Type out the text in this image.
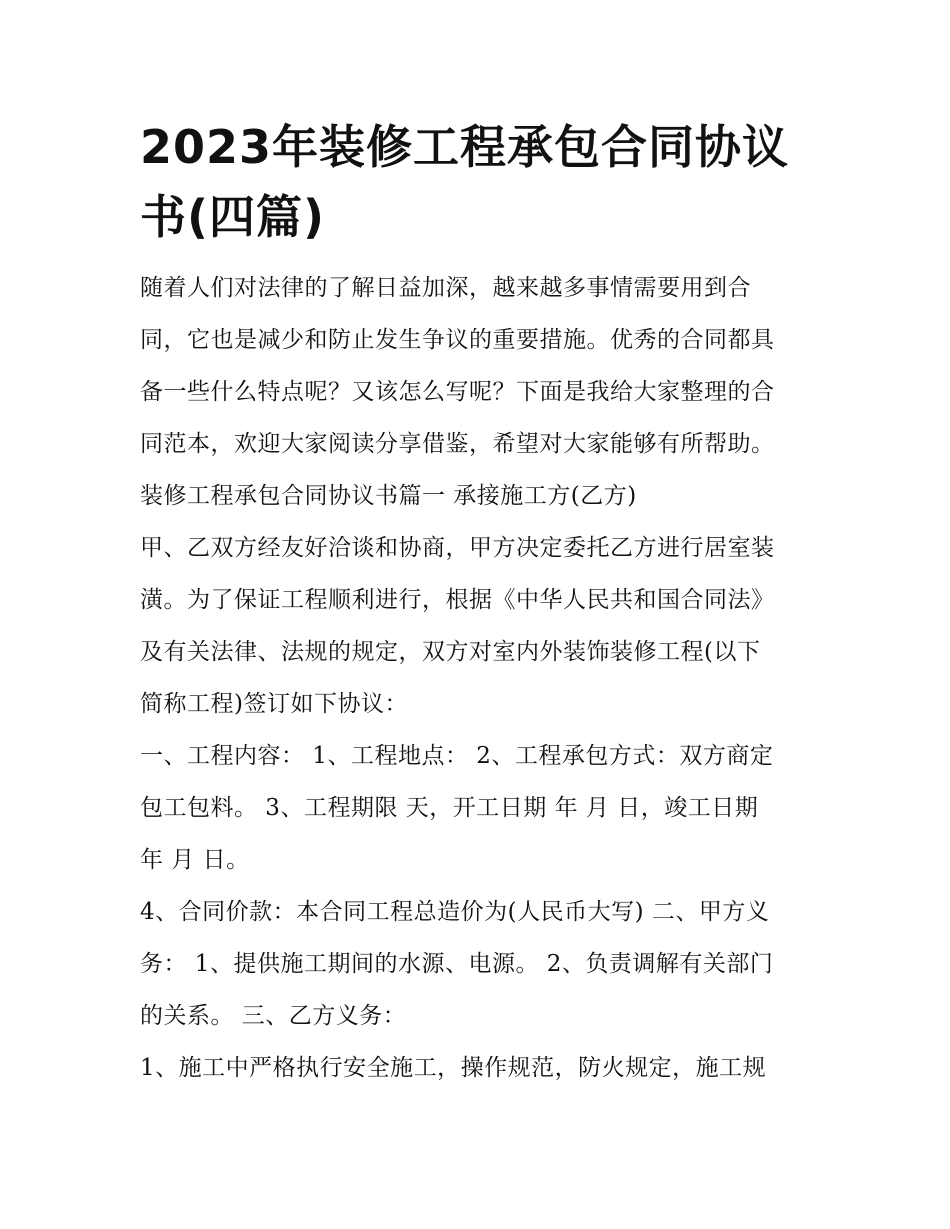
2023年装修工程承包合同协议
书(四篇)

随着人们对法律的了解日益加深，越来越多事情需要用到合
同，它也是减少和防止发生争议的重要措施。优秀的合同都具
备一些什么特点呢？又该怎么写呢？下面是我给大家整理的合
同范本，欢迎大家阅读分享借鉴，希望对大家能够有所帮助。

装修工程承包合同协议书篇一 承接施工方(乙方)

甲、乙双方经友好洽谈和协商，甲方决定委托乙方进行居室装
潢。为了保证工程顺利进行，根据《中华人民共和国合同法》
及有关法律、法规的规定，双方对室内外装饰装修工程(以下
简称工程)签订如下协议：

一、工程内容： 1、工程地点： 2、工程承包方式：双方商定
包工包料。 3、工程期限 天，开工日期 年 月 日，竣工日期
年 月 日。

4、合同价款：本合同工程总造价为(人民币大写) 二、甲方义
务： 1、提供施工期间的水源、电源。 2、负责调解有关部门
的关系。 三、乙方义务：

1、施工中严格执行安全施工，操作规范，防火规定，施工规
